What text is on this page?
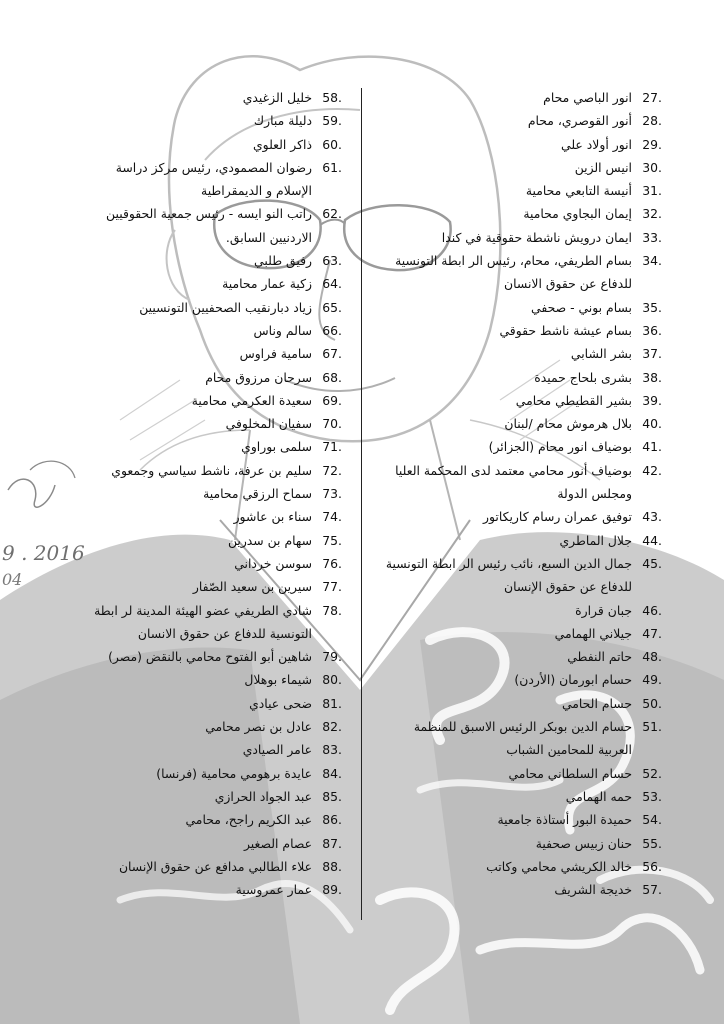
9 . 2016
04
27.
انور الباصي محام
28.
أنور القوصري، محام
29.
انور أولاد علي
30.
انيس الزين
31.
أنيسة التابعي محامية
32.
إيمان البجاوي محامية
33.
ايمان درويش ناشطة حقوقية في كندا
34.
بسام الطريفي، محام، رئيس الر ابطة التونسية للدفاع عن حقوق الانسان
35.
بسام بوني - صحفي
36.
بسام عيشة ناشط حقوقي
37.
بشر الشابي
38.
بشرى بلحاج حميدة
39.
بشير القطيطي محامي
40.
بلال هرموش محام /لبنان
41.
بوضياف انور محام (الجزائر)
42.
بوضياف أنور محامي معتمد لدى المحكمة العليا ومجلس الدولة
43.
توفيق عمران رسام كاريكاتور
44.
جلال الماطري
45.
جمال الدين السبع، نائب رئيس الر ابطة التونسية للدفاع عن حقوق الإنسان
46.
جبان قرارة
47.
جيلاني الهمامي
48.
حاتم النفطي
49.
حسام ابورمان (الأردن)
50.
حسام الحامي
51.
حسام الدين بوبكر الرئيس الاسبق للمنظمة العربية للمحامين الشباب
52.
حسام السلطاني محامي
53.
حمه الهمامي
54.
حميدة البور أستاذة جامعية
55.
حنان زبيس صحفية
56.
خالد الكريشي محامي وكاتب
57.
خديجة الشريف
58.
خليل الزغيدي
59.
دليلة مبارك
60.
ذاكر العلوي
61.
رضوان المصمودي، رئيس مركز دراسة الإسلام و الديمقراطية
62.
راتب النو ايسه - رئيس جمعية الحقوقيين الاردنيين السابق.
63.
رفيق طلبي
64.
زكية عمار محامية
65.
زياد دبارنقيب الصحفيين التونسيين
66.
سالم وناس
67.
سامية فراوس
68.
سرحان مرزوق محام
69.
سعيدة العكرمي محامية
70.
سفيان المخلوفي
71.
سلمى بوراوي
72.
سليم بن عرفة، ناشط سياسي وجمعوي
73.
سماح الرزقي محامية
74.
سناء بن عاشور
75.
سهام بن سدرين
76.
سوسن خرداني
77.
سيرين بن سعيد الصّفار
78.
شادي الطريفي عضو الهيئة المدينة لر ابطة التونسية للدفاع عن حقوق الانسان
79.
شاهين أبو الفتوح محامي بالنقض (مصر)
80.
شيماء بوهلال
81.
ضحى عيادي
82.
عادل بن نصر محامي
83.
عامر الصيادي
84.
عايدة برهومي محامية (فرنسا)
85.
عبد الجواد الحرازي
86.
عبد الكريم راجح، محامي
87.
عصام الصغير
88.
علاء الطالبي مدافع عن حقوق الإنسان
89.
عمار عمروسية
